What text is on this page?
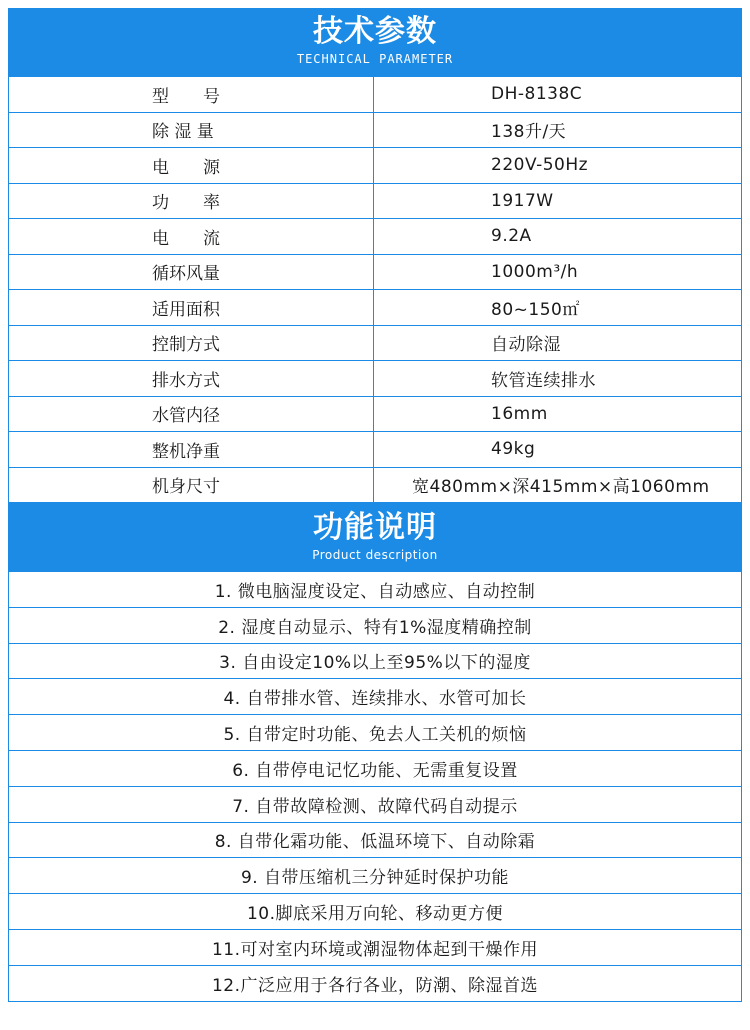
技术参数
TECHNICAL PARAMETER
型　　号	DH-8138C
除 湿 量	138升/天
电　　源	220V-50Hz
功　　率	1917W
电　　流	9.2A
循环风量	1000m³/h
适用面积	80~150㎡
控制方式	自动除湿
排水方式	软管连续排水
水管内径	16mm
整机净重	49kg
机身尺寸	宽480mm×深415mm×高1060mm
功能说明
Product description
1. 微电脑湿度设定、自动感应、自动控制
2. 湿度自动显示、特有1%湿度精确控制
3. 自由设定10%以上至95%以下的湿度
4. 自带排水管、连续排水、水管可加长
5. 自带定时功能、免去人工关机的烦恼
6. 自带停电记忆功能、无需重复设置
7. 自带故障检测、故障代码自动提示
8. 自带化霜功能、低温环境下、自动除霜
9. 自带压缩机三分钟延时保护功能
10.脚底采用万向轮、移动更方便
11.可对室内环境或潮湿物体起到干燥作用
12.广泛应用于各行各业，防潮、除湿首选
